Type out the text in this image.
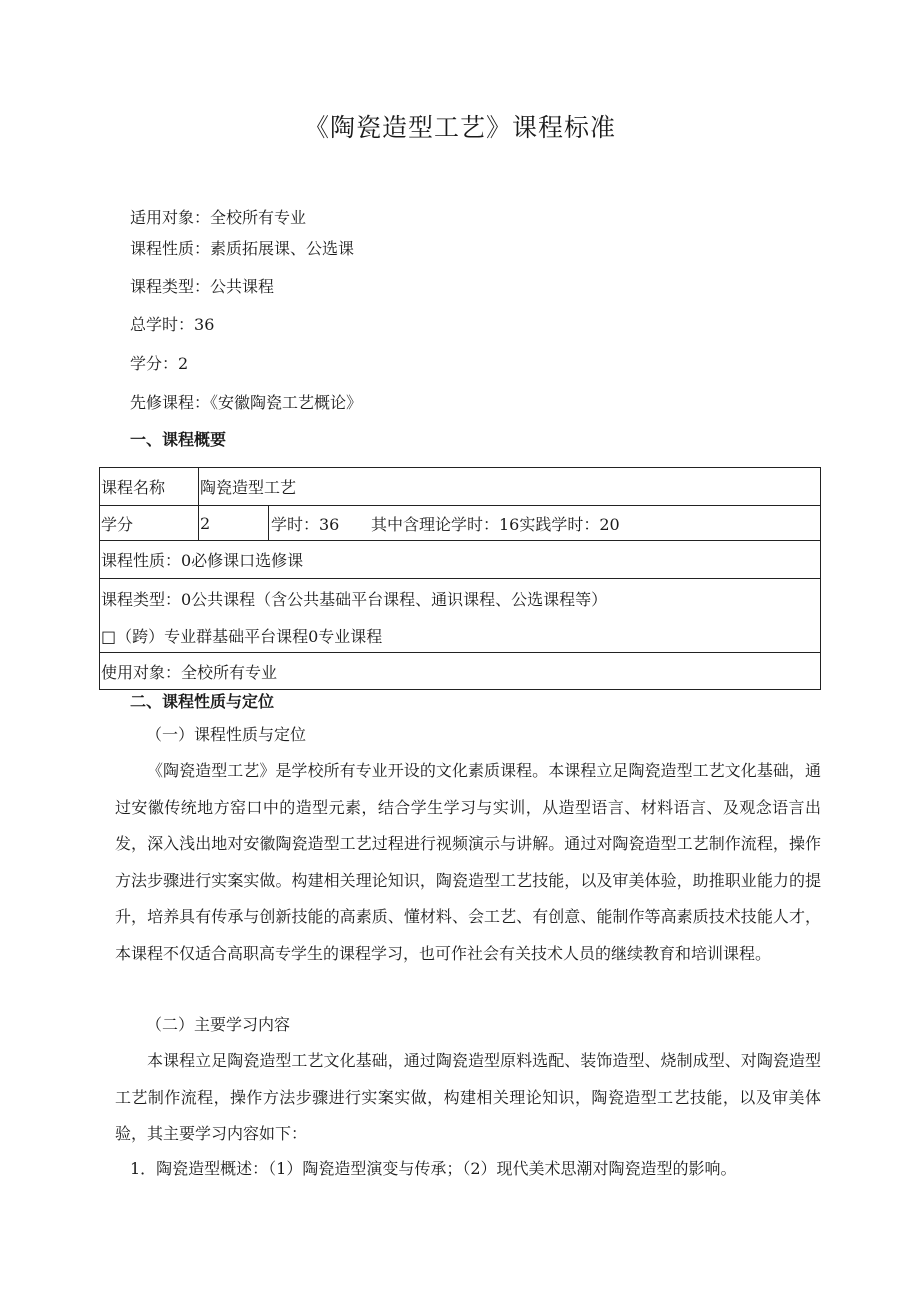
《陶瓷造型工艺》课程标准
适用对象：全校所有专业
课程性质：素质拓展课、公选课
课程类型：公共课程
总学时：36
学分：2
先修课程：《安徽陶瓷工艺概论》
一、课程概要
课程名称	陶瓷造型工艺
学分	2	学时：36	其中含理论学时：16实践学时：20
课程性质：0必修课口选修课
课程类型：0公共课程（含公共基础平台课程、通识课程、公选课程等）
□（跨）专业群基础平台课程0专业课程
使用对象：全校所有专业
二、课程性质与定位
（一）课程性质与定位

《陶瓷造型工艺》是学校所有专业开设的文化素质课程。本课程立足陶瓷造型工艺文化基础，通过安徽传统地方窑口中的造型元素，结合学生学习与实训，从造型语言、材料语言、及观念语言出发，深入浅出地对安徽陶瓷造型工艺过程进行视频演示与讲解。通过对陶瓷造型工艺制作流程，操作方法步骤进行实案实做。构建相关理论知识，陶瓷造型工艺技能，以及审美体验，助推职业能力的提升，培养具有传承与创新技能的高素质、懂材料、会工艺、有创意、能制作等高素质技术技能人才，本课程不仅适合高职高专学生的课程学习，也可作社会有关技术人员的继续教育和培训课程。

（二）主要学习内容

本课程立足陶瓷造型工艺文化基础，通过陶瓷造型原料选配、装饰造型、烧制成型、对陶瓷造型工艺制作流程，操作方法步骤进行实案实做，构建相关理论知识，陶瓷造型工艺技能，以及审美体验，其主要学习内容如下：

1．陶瓷造型概述：（1）陶瓷造型演变与传承；（2）现代美术思潮对陶瓷造型的影响。
